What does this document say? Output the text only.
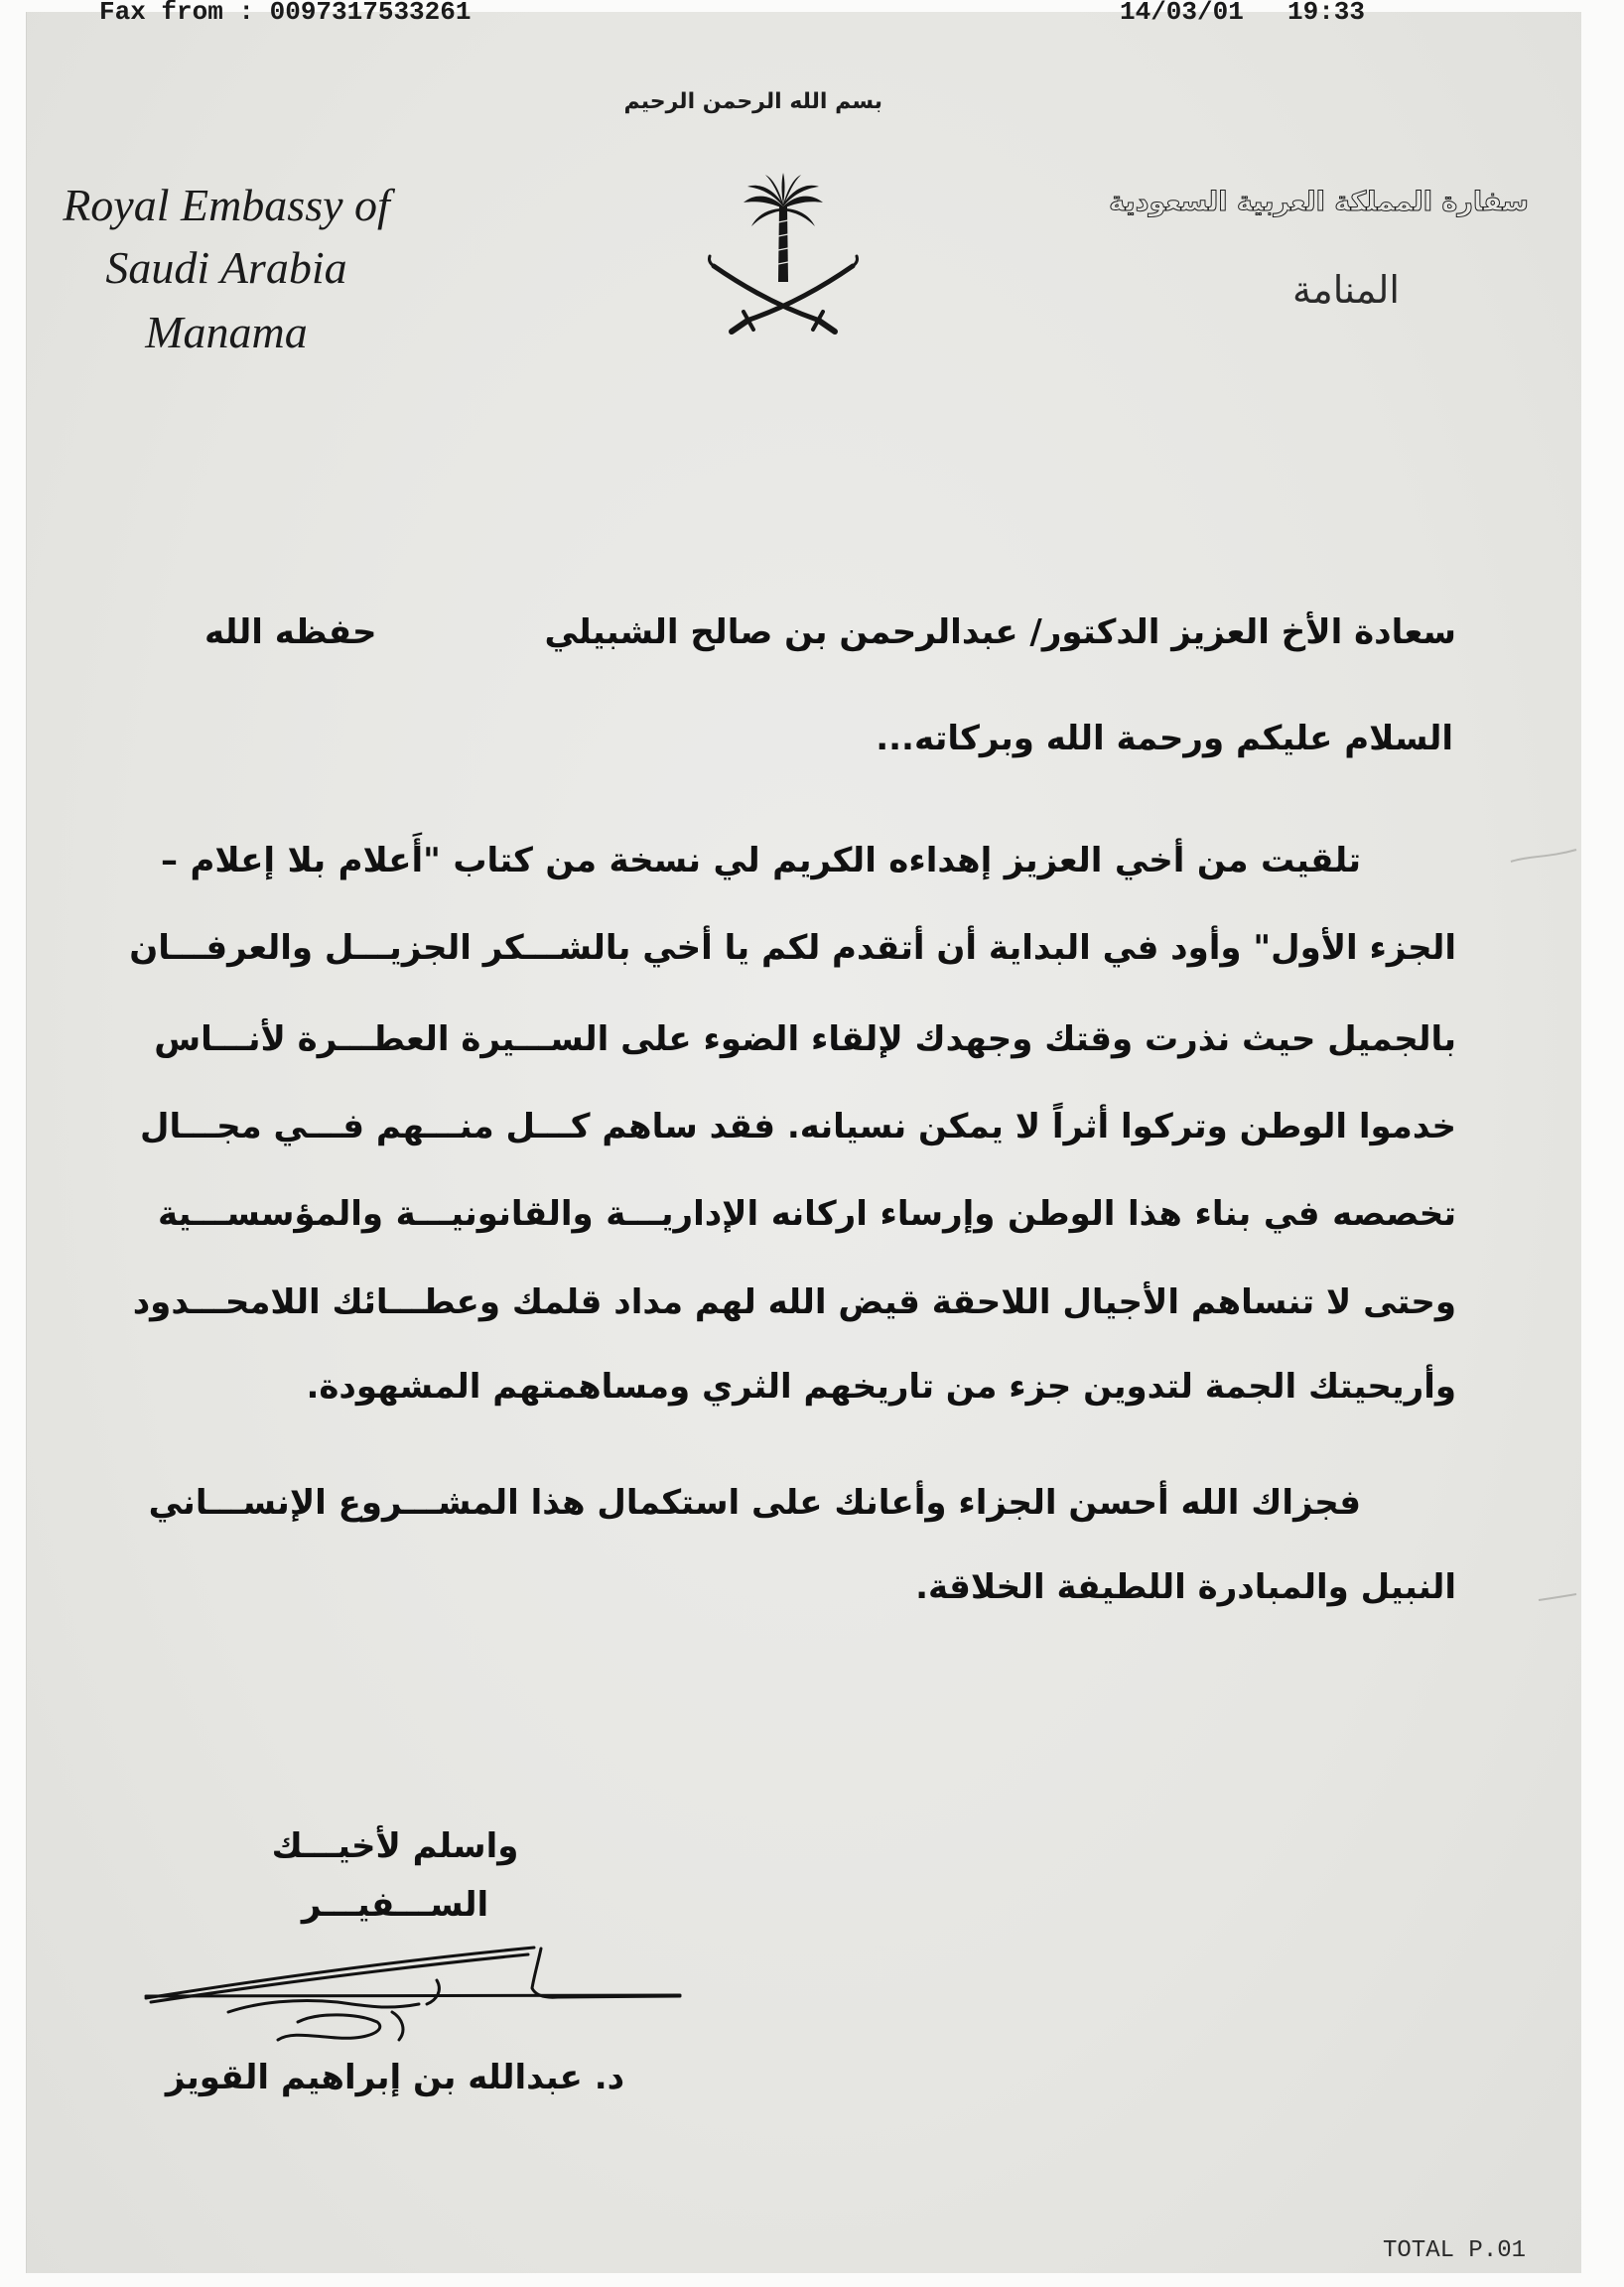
Fax from : 0097317533261	14/03/01 19:33
بسم الله الرحمن الرحيم
Royal Embassy of
Saudi Arabia
Manama
سفارة المملكة العربية السعودية
المنامة
سعادة الأخ العزيز الدكتور/ عبدالرحمن بن صالح الشبيلي
حفظه الله
السلام عليكم ورحمة الله وبركاته...
تلقيت من أخي العزيز إهداءه الكريم لي نسخة من كتاب "أَعلام بلا إعلام –
الجزء الأول" وأود في البداية أن أتقدم لكم يا أخي بالشـــكر الجزيـــل والعرفـــان
بالجميل حيث نذرت وقتك وجهدك لإلقاء الضوء على الســـيرة العطـــرة لأنـــاس
خدموا الوطن وتركوا أثراً لا يمكن نسيانه. فقد ساهم كـــل منـــهم فـــي مجـــال
تخصصه في بناء هذا الوطن وإرساء اركانه الإداريـــة والقانونيـــة والمؤسســـية
وحتى لا تنساهم الأجيال اللاحقة قيض الله لهم مداد قلمك وعطـــائك اللامحـــدود
وأريحيتك الجمة لتدوين جزء من تاريخهم الثري ومساهمتهم المشهودة.
فجزاك الله أحسن الجزاء وأعانك على استكمال هذا المشـــروع الإنســـاني
النبيل والمبادرة اللطيفة الخلاقة.
واسلم لأخيـــك
الســـفيـــر
د. عبدالله بن إبراهيم القويز
TOTAL P.01
